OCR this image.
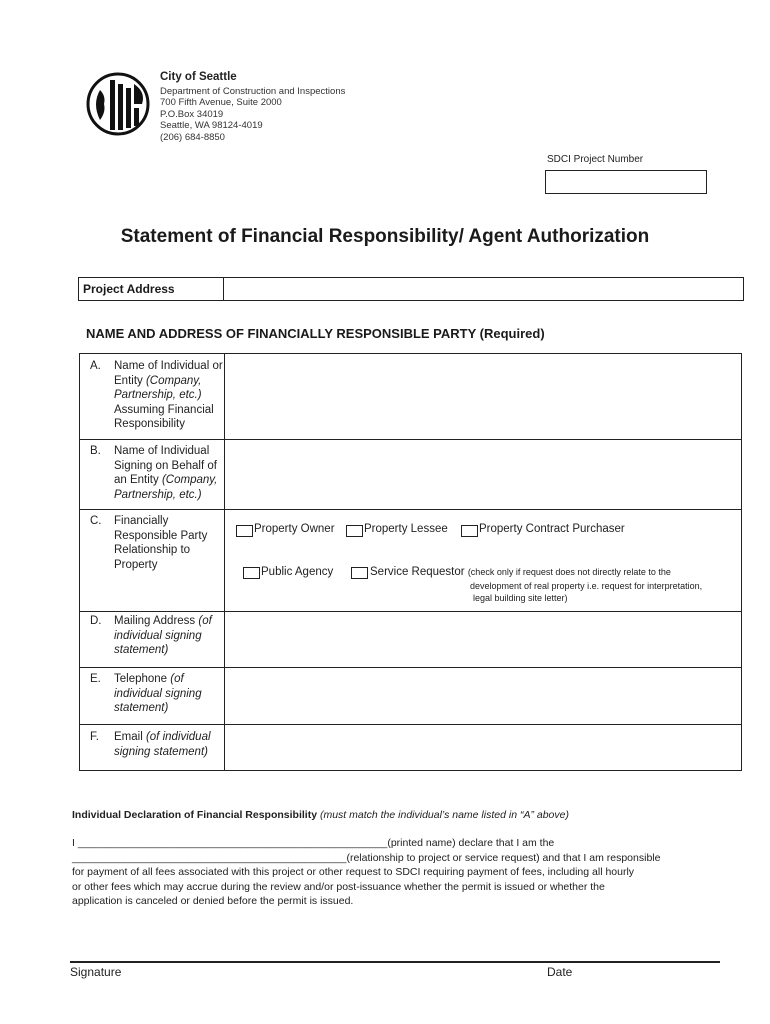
City of Seattle
Department of Construction and Inspections
700 Fifth Avenue, Suite 2000
P.O.Box 34019
Seattle, WA 98124-4019
(206) 684-8850
SDCI Project Number
Statement of Financial Responsibility/ Agent Authorization
Project Address
NAME AND ADDRESS OF FINANCIALLY RESPONSIBLE PARTY (Required)
A. Name of Individual or Entity (Company, Partnership, etc.) Assuming Financial Responsibility
B. Name of Individual Signing on Behalf of an Entity (Company, Partnership, etc.)
C. Financially Responsible Party Relationship to Property
Property Owner	Property Lessee	Property Contract Purchaser
Public Agency	Service Requestor (check only if request does not directly relate to the
development of real property i.e. request for interpretation,
legal building site letter)
D. Mailing Address (of individual signing statement)
E. Telephone (of individual signing statement)
F. Email (of individual signing statement)
Individual Declaration of Financial Responsibility (must match the individual’s name listed in “A” above)
I _____________________________________________________(printed name) declare that I am the
_______________________________________________(relationship to project or service request) and that I am responsible
for payment of all fees associated with this project or other request to SDCI requiring payment of fees, including all hourly
or other fees which may accrue during the review and/or post-issuance whether the permit is issued or whether the
application is canceled or denied before the permit is issued.
Signature	Date
